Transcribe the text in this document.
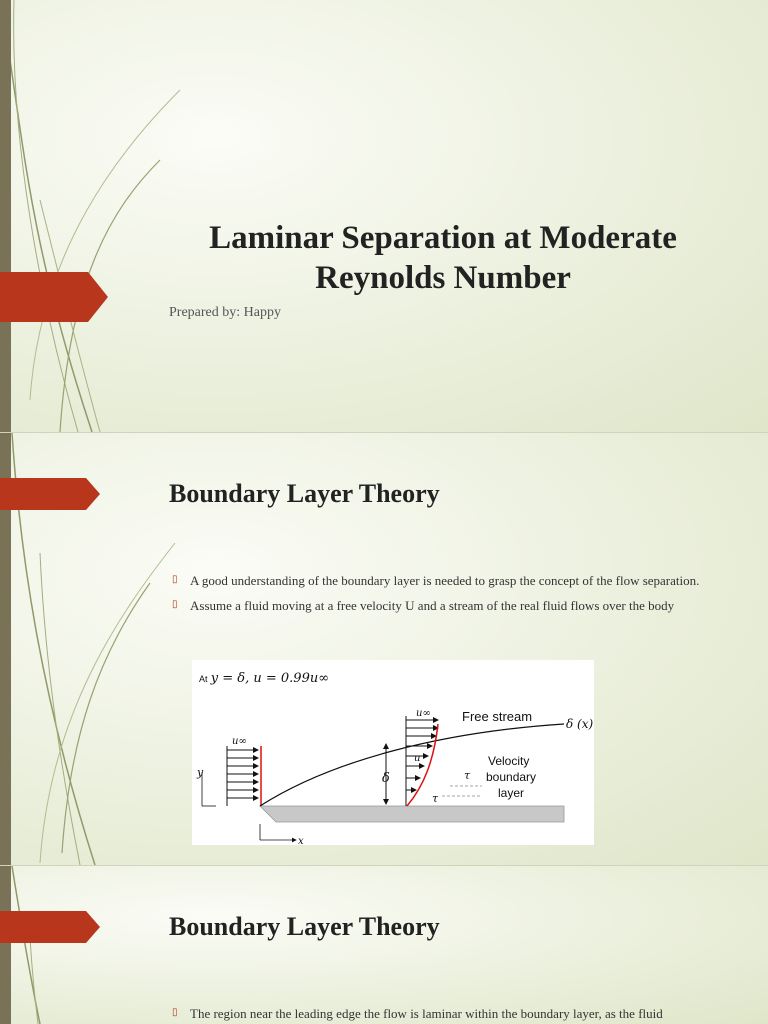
Laminar Separation at Moderate
Reynolds Number
Prepared by: Happy
Boundary Layer Theory
▯ A good understanding of the boundary layer is needed to grasp the concept of the flow separation.
▯ Assume a fluid moving at a free velocity U and a stream of the real fluid flows over the body
At y = δ, u = 0.99u∞
Free stream	δ (x)
Velocity
boundary
layer
u∞
u∞
u
y
x
δ	τ
τ
Boundary Layer Theory
▯ The region near the leading edge the flow is laminar within the boundary layer, as the fluid
